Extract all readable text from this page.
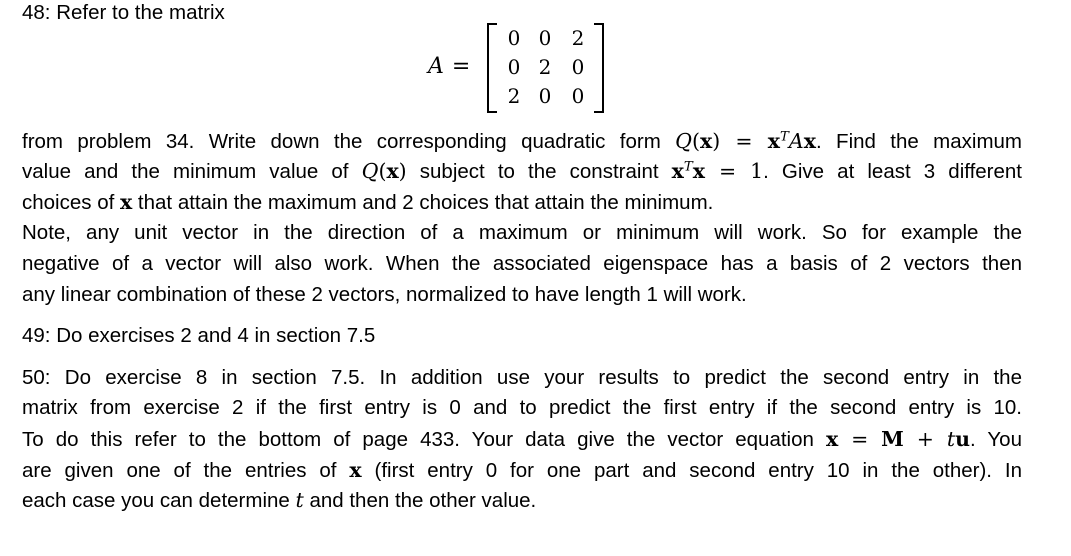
48: Refer to the matrix
A =
0 0 2
0 2 0
2 0 0
from problem 34. Write down the corresponding quadratic form $Q(x) = x^TAx$. Find the maximum
value and the minimum value of Q(x) subject to the constraint $x^Tx = 1$. Give at least 3 different
choices of x that attain the maximum and 2 choices that attain the minimum.
Note, any unit vector in the direction of a maximum or minimum will work. So for example the
negative of a vector will also work. When the associated eigenspace has a basis of 2 vectors then
any linear combination of these 2 vectors, normalized to have length 1 will work.
49: Do exercises 2 and 4 in section 7.5
50: Do exercise 8 in section 7.5. In addition use your results to predict the second entry in the
matrix from exercise 2 if the first entry is 0 and to predict the first entry if the second entry is 10.
To do this refer to the bottom of page 433. Your data give the vector equation x = M + tu. You
are given one of the entries of x (first entry 0 for one part and second entry 10 in the other). In
each case you can determine t and then the other value.
